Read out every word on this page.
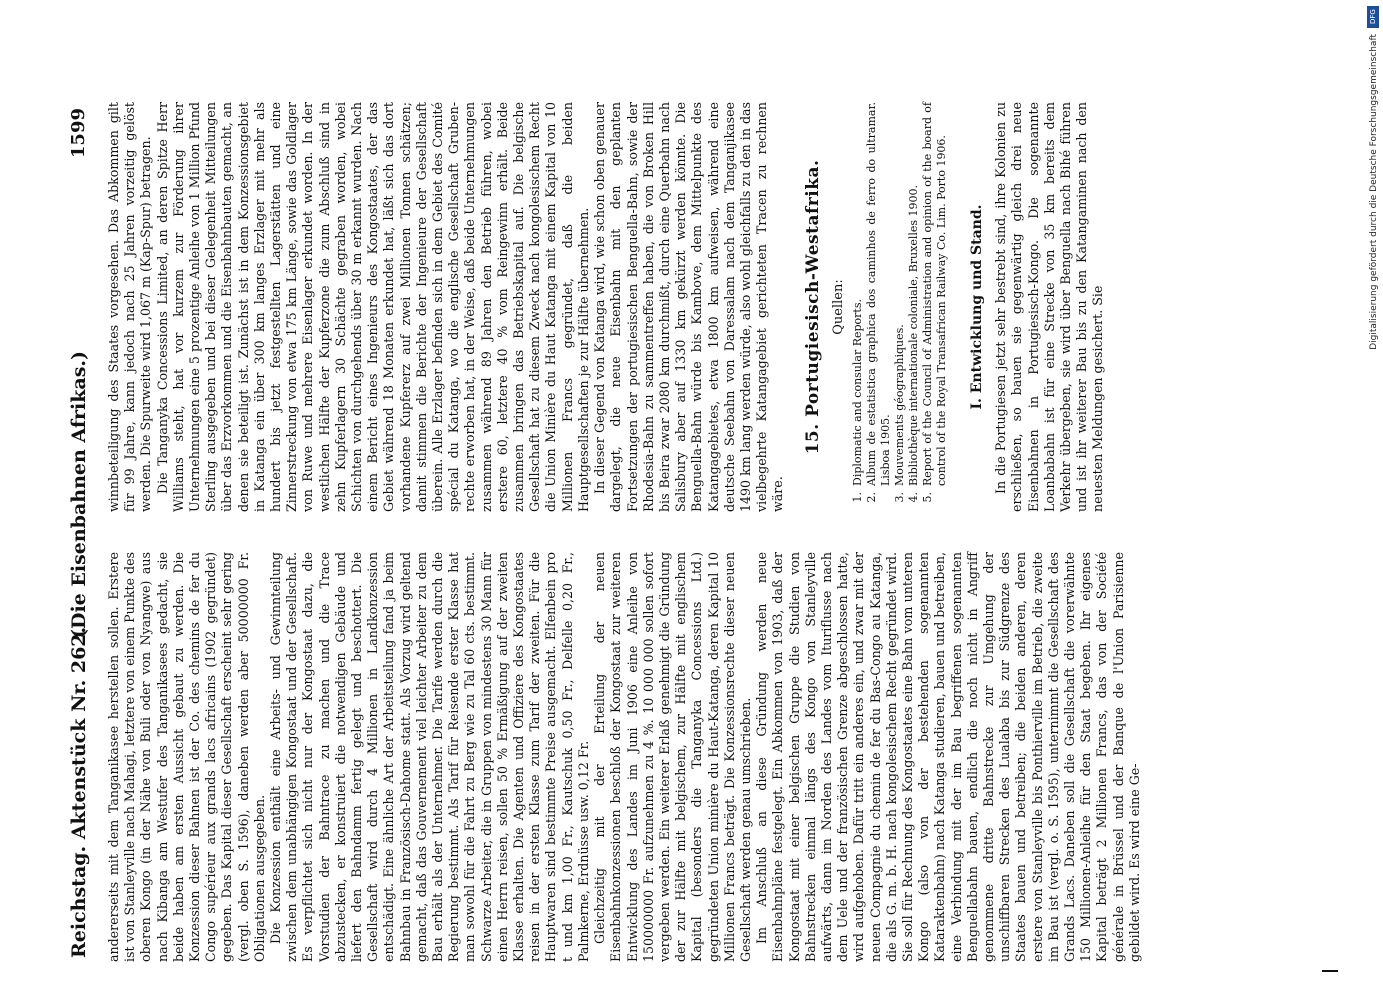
Reichstag. Aktenstück Nr. 262.
(Die Eisenbahnen Afrikas.)
1599

andererseits mit dem Tanganikasee herstellen sollen. Erstere ist von Stanleyville nach Mahagi, letztere von einem Punkte des oberen Kongo (in der Nähe von Buli oder von Nyangwe) aus nach Kibanga am Westufer des Tanganikasees gedacht, sie beide haben am ersten Aussicht gebaut zu werden. Die Konzession dieser Bahnen ist der Co. des chemins de fer du Congo supérieur aux grands lacs africains (1902 gegründet) gegeben. Das Kapital dieser Gesellschaft erscheint sehr gering (vergl. oben S. 1596), daneben werden aber 50000000 Fr. Obligationen ausgegeben. Die Konzession enthält eine Arbeits- und Gewinnteilung zwischen dem unabhängigen Kongostaat und der Gesellschaft. Es verpflichtet sich nicht nur der Kongostaat dazu, die Vorstudien der Bahntrace zu machen und die Trace abzustecken, er konstruiert die notwendigen Gebäude und liefert den Bahndamm fertig gelegt und beschottert. Die Gesellschaft wird durch 4 Millionen in Landkonzession entschädigt. Eine ähnliche Art der Arbeitsteilung fand ja beim Bahnbau in Französisch-Dahome statt. Als Vorzug wird geltend gemacht, daß das Gouvernement viel leichter Arbeiter zu dem Bau erhält als der Unternehmer. Die Tarife werden durch die Regierung bestimmt. Als Tarif für Reisende erster Klasse hat man sowohl für die Fahrt zu Berg wie zu Tal 60 cts. bestimmt. Schwarze Arbeiter, die in Gruppen von mindestens 30 Mann für einen Herrn reisen, sollen 50 % Ermäßigung auf der zweiten Klasse erhalten. Die Agenten und Offiziere des Kongostaates reisen in der ersten Klasse zum Tarif der zweiten. Für die Hauptwaren sind bestimmte Preise ausgemacht. Elfenbein pro t und km 1,00 Fr., Kautschuk 0,50 Fr., Delfelle 0,20 Fr., Palmkerne, Erdnüsse usw. 0,12 Fr. Gleichzeitig mit der Erteilung der neuen Eisenbahnkonzessionen beschloß der Kongostaat zur weiteren Entwicklung des Landes im Juni 1906 eine Anleihe von 150000000 Fr. aufzunehmen zu 4 %. 10 000 000 sollen sofort vergeben werden. Ein weiterer Erlaß genehmigt die Gründung der zur Hälfte mit belgischem, zur Hälfte mit englischem Kapital (besonders die Tanganyka Concessions Ltd.) gegründeten Union minière du Haut-Katanga, deren Kapital 10 Millionen Francs beträgt. Die Konzessionsrechte dieser neuen Gesellschaft werden genau umschrieben. Im Anschluß an diese Gründung werden neue Eisenbahnpläne festgelegt. Ein Abkommen von 1903, daß der Kongostaat mit einer belgischen Gruppe die Studien von Bahnstrecken einmal längs des Kongo von Stanleyville aufwärts, dann im Norden des Landes vom Ituriflusse nach dem Uele und der französischen Grenze abgeschlossen hatte, wird aufgehoben. Dafür tritt ein anderes ein, und zwar mit der neuen Compagnie du chemin de fer du Bas-Congo au Katanga, die als G. m. b. H. nach kongolesischem Recht gegründet wird. Sie soll für Rechnung des Kongostaates eine Bahn vom unteren Kongo (also von der bestehenden sogenannten Kataraktenbahn) nach Katanga studieren, bauen und betreiben, eine Verbindung mit der im Bau begriffenen sogenannten Benguellabahn bauen, endlich die noch nicht in Angriff genommene dritte Bahnstrecke zur Umgehung der unschiffbaren Strecken des Lualaba bis zur Südgrenze des Staates bauen und betreiben; die beiden anderen, deren erstere von Stanleyville bis Ponthierville im Betrieb, die zweite im Bau ist (vergl. o. S. 1595), unternimmt die Gesellschaft des Grands Lacs. Daneben soll die Gesellschaft die vorerwähnte 150 Millionen-Anleihe für den Staat begeben. Ihr eigenes Kapital beträgt 2 Millionen Francs, das von der Société générale in Brüssel und der Banque de l'Union Parisienne gebildet wird. Es wird eine Ge-

winnbeteiligung des Staates vorgesehen. Das Abkommen gilt für 99 Jahre, kann jedoch nach 25 Jahren vorzeitig gelöst werden. Die Spurweite wird 1,067 m (Kap-Spur) betragen. Die Tanganyka Concessions Limited, an deren Spitze Herr Williams steht, hat vor kurzem zur Förderung ihrer Unternehmungen eine 5 prozentige Anleihe von 1 Million Pfund Sterling ausgegeben und bei dieser Gelegenheit Mitteilungen über das Erzvorkommen und die Eisenbahnbauten gemacht, an denen sie beteiligt ist. Zunächst ist in dem Konzessionsgebiet in Katanga ein über 300 km langes Erzlager mit mehr als hundert bis jetzt festgestellten Lagerstätten und eine Zinnerstreckung von etwa 175 km Länge, sowie das Goldlager von Ruwe und mehrere Eisenlager erkundet worden. In der westlichen Hälfte der Kupferzone die zum Abschluß sind in zehn Kupferlagern 30 Schächte gegraben worden, wobei Schichten von durchgehends über 30 m erkannt wurden. Nach einem Bericht eines Ingenieurs des Kongostaates, der das Gebiet während 18 Monaten erkundet hat, läßt sich das dort vorhandene Kupfererz auf zwei Millionen Tonnen schätzen; damit stimmen die Berichte der Ingenieure der Gesellschaft überein. Alle Erzlager befinden sich in dem Gebiet des Comité spécial du Katanga, wo die englische Gesellschaft Gruben-rechte erworben hat, in der Weise, daß beide Unternehmungen zusammen während 89 Jahren den Betrieb führen, wobei erstere 60, letztere 40 % vom Reingewinn erhält. Beide zusammen bringen das Betriebskapital auf. Die belgische Gesellschaft hat zu diesem Zweck nach kongolesischem Recht die Union Minière du Haut Katanga mit einem Kapital von 10 Millionen Francs gegründet, daß die beiden Hauptgesellschaften je zur Hälfte übernehmen. In dieser Gegend von Katanga wird, wie schon oben genauer dargelegt, die neue Eisenbahn mit den geplanten Fortsetzungen der portugiesischen Benguella-Bahn, sowie der Rhodesia-Bahn zu sammentreffen haben, die von Broken Hill bis Beira zwar 2080 km durchmißt, durch eine Querbahn nach Salisbury aber auf 1330 km gekürzt werden könnte. Die Benguella-Bahn würde bis Kambove, dem Mittelpunkte des Katangagebietes, etwa 1800 km aufweisen, während eine deutsche Seebahn von Daressalam nach dem Tanganjikasee 1490 km lang werden würde, also wohl gleichfalls zu den in das vielbegehrte Katangagebiet gerichteten Tracen zu rechnen wäre.

15. Portugiesisch-Westafrika. Quellen:
1.
Diplomatic and consular Reports.
2.
Album de estatistica graphica dos caminhos de ferro do ultramar. Lisboa 1905.
3.
Mouvements géographiques.
4.
Bibliothèque internationale coloniale, Bruxelles 1900.
5.
Report of the Council of Administration and opinion of the board of control of the Royal Transafrican Railway Co. Lim. Porto 1906. I. Entwicklung und Stand. In die Portugiesen jetzt sehr bestrebt sind, ihre Kolonien zu erschließen, so bauen sie gegenwärtig gleich drei neue Eisenbahnen in Portugiesisch-Kongo. Die sogenannte Loanbabahn ist für eine Strecke von 35 km bereits dem Verkehr übergeben, sie wird über Benguella nach Bihé führen und ist ihr weiterer Bau bis zu den Katangaminen nach den neuesten Meldungen gesichert. Sie

DFG
Digitalisierung gefördert durch die Deutsche Forschungsgemeinschaft
